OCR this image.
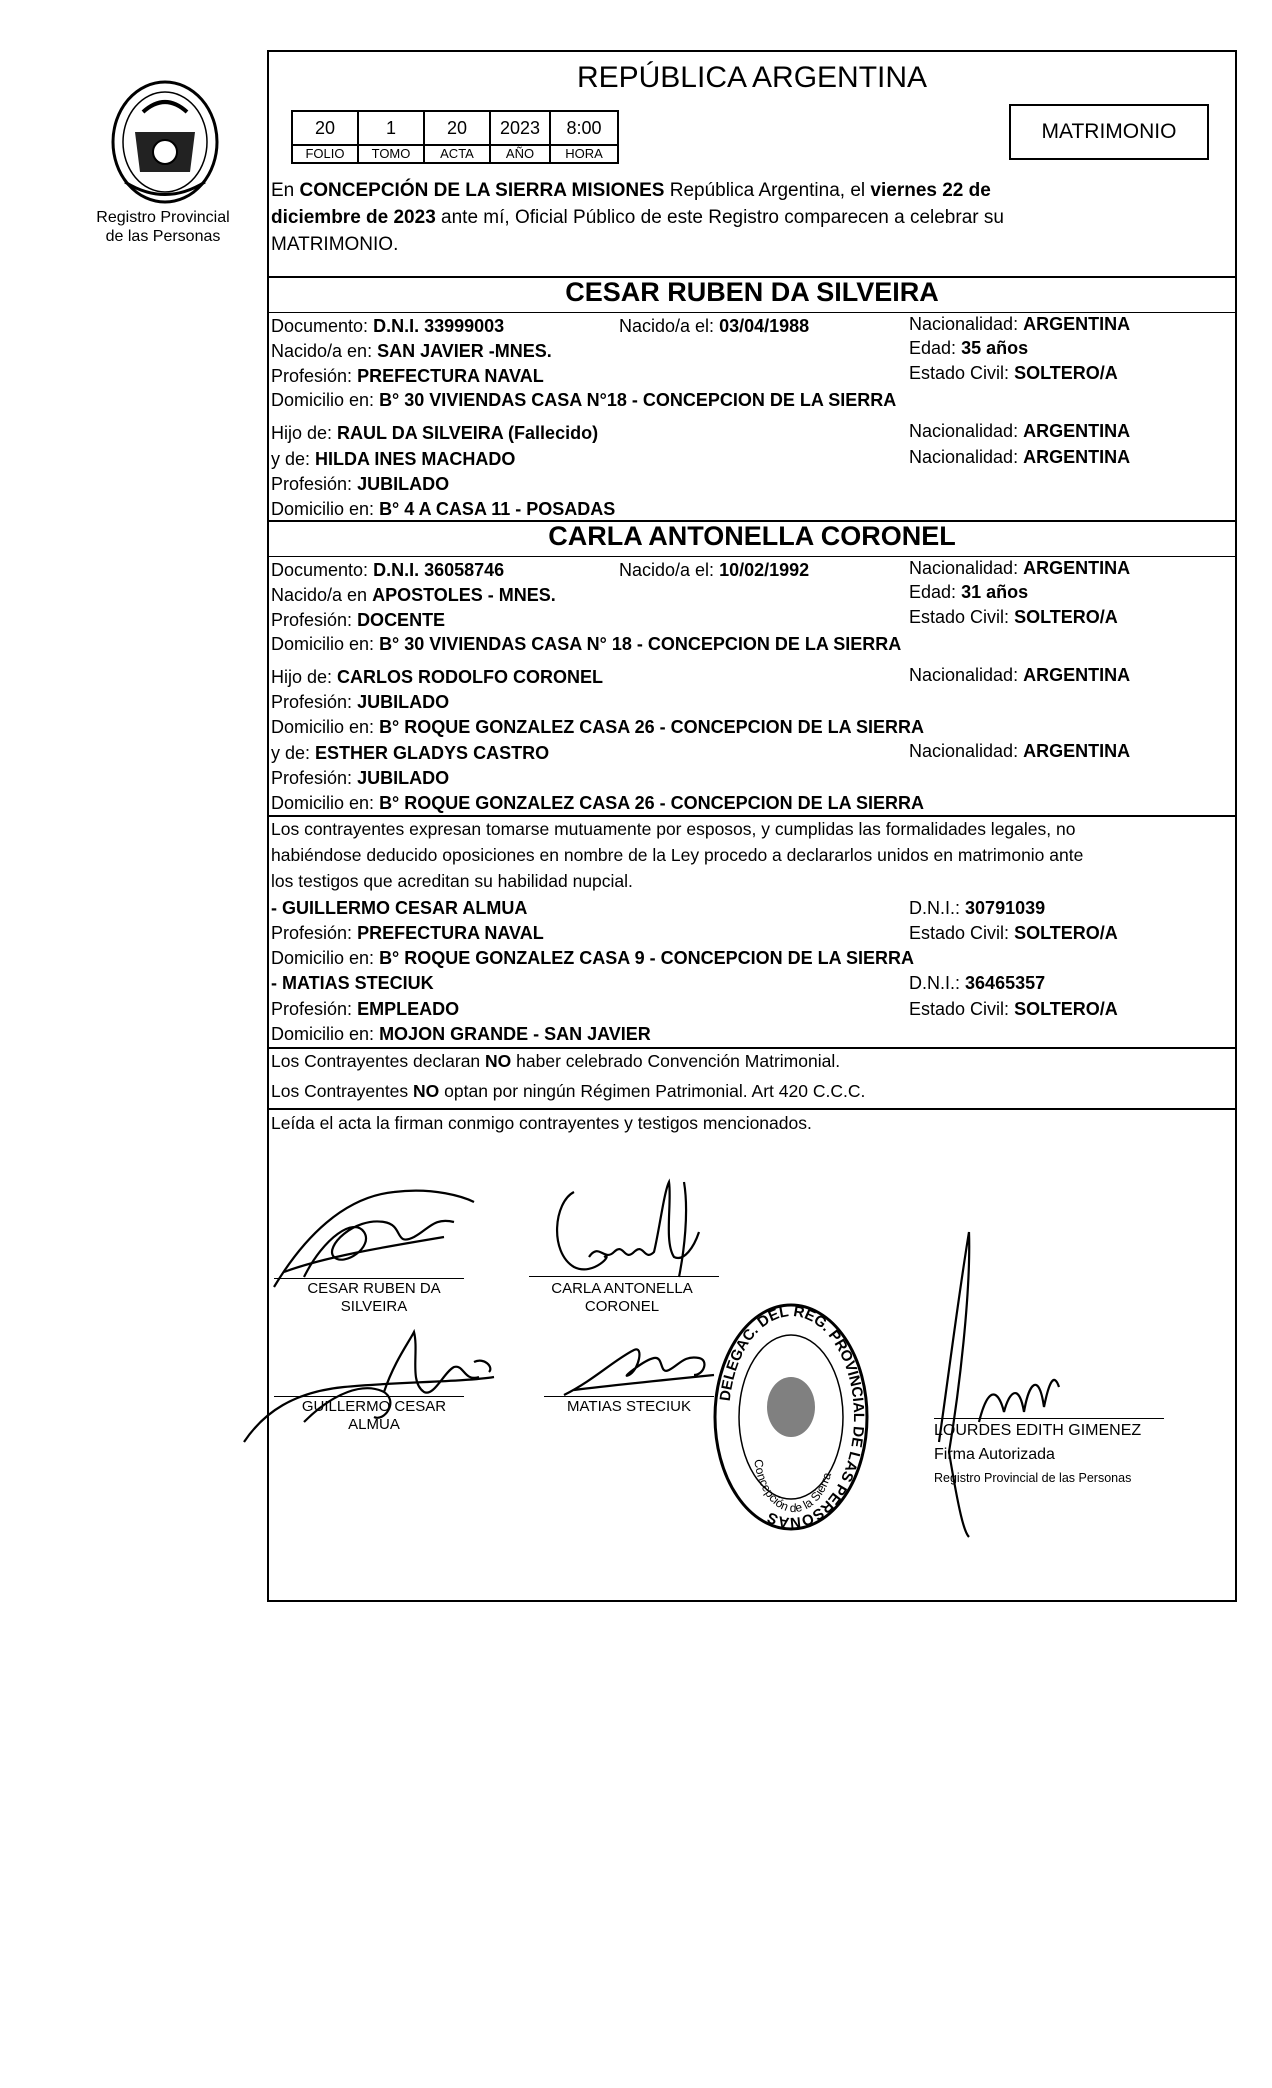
Registro Provincial
de las Personas
REPÚBLICA ARGENTINA
20	1	20	2023	8:00
FOLIO	TOMO	ACTA	AÑO	HORA
MATRIMONIO
En CONCEPCIÓN DE LA SIERRA MISIONES República Argentina, el viernes 22 de
diciembre de 2023 ante mí, Oficial Público de este Registro comparecen a celebrar su
MATRIMONIO.
CESAR RUBEN DA SILVEIRA
Documento: D.N.I. 33999003	Nacido/a el: 03/04/1988	Nacionalidad: ARGENTINA
Nacido/a en: SAN JAVIER -MNES.	Edad: 35 años
Profesión: PREFECTURA NAVAL	Estado Civil: SOLTERO/A
Domicilio en: B° 30 VIVIENDAS CASA N°18 - CONCEPCION DE LA SIERRA
Hijo de: RAUL DA SILVEIRA (Fallecido)	Nacionalidad: ARGENTINA
y de: HILDA INES MACHADO	Nacionalidad: ARGENTINA
Profesión: JUBILADO
Domicilio en: B° 4 A CASA 11 - POSADAS
CARLA ANTONELLA CORONEL
Documento: D.N.I. 36058746	Nacido/a el: 10/02/1992	Nacionalidad: ARGENTINA
Nacido/a en APOSTOLES - MNES.	Edad: 31 años
Profesión: DOCENTE	Estado Civil: SOLTERO/A
Domicilio en: B° 30 VIVIENDAS CASA N° 18 - CONCEPCION DE LA SIERRA
Hijo de: CARLOS RODOLFO CORONEL	Nacionalidad: ARGENTINA
Profesión: JUBILADO
Domicilio en: B° ROQUE GONZALEZ CASA 26 - CONCEPCION DE LA SIERRA
y de: ESTHER GLADYS CASTRO	Nacionalidad: ARGENTINA
Profesión: JUBILADO
Domicilio en: B° ROQUE GONZALEZ CASA 26 - CONCEPCION DE LA SIERRA
Los contrayentes expresan tomarse mutuamente por esposos, y cumplidas las formalidades legales, no
habiéndose deducido oposiciones en nombre de la Ley procedo a declararlos unidos en matrimonio ante
los testigos que acreditan su habilidad nupcial.
- GUILLERMO CESAR ALMUA	D.N.I.: 30791039
Profesión: PREFECTURA NAVAL	Estado Civil: SOLTERO/A
Domicilio en: B° ROQUE GONZALEZ CASA 9 - CONCEPCION DE LA SIERRA
- MATIAS STECIUK	D.N.I.: 36465357
Profesión: EMPLEADO	Estado Civil: SOLTERO/A
Domicilio en: MOJON GRANDE - SAN JAVIER
Los Contrayentes declaran NO haber celebrado Convención Matrimonial.
Los Contrayentes NO optan por ningún Régimen Patrimonial. Art 420 C.C.C.
Leída el acta la firman conmigo contrayentes y testigos mencionados.
CESAR RUBEN DA
SILVEIRA
CARLA ANTONELLA
CORONEL
GUILLERMO CESAR
ALMUA
MATIAS STECIUK
LOURDES EDITH GIMENEZ
Firma Autorizada
Registro Provincial de las Personas
DELEGAC. DEL REG. PROVINCIAL DE LAS PERSONAS
Concepción de la Sierra
